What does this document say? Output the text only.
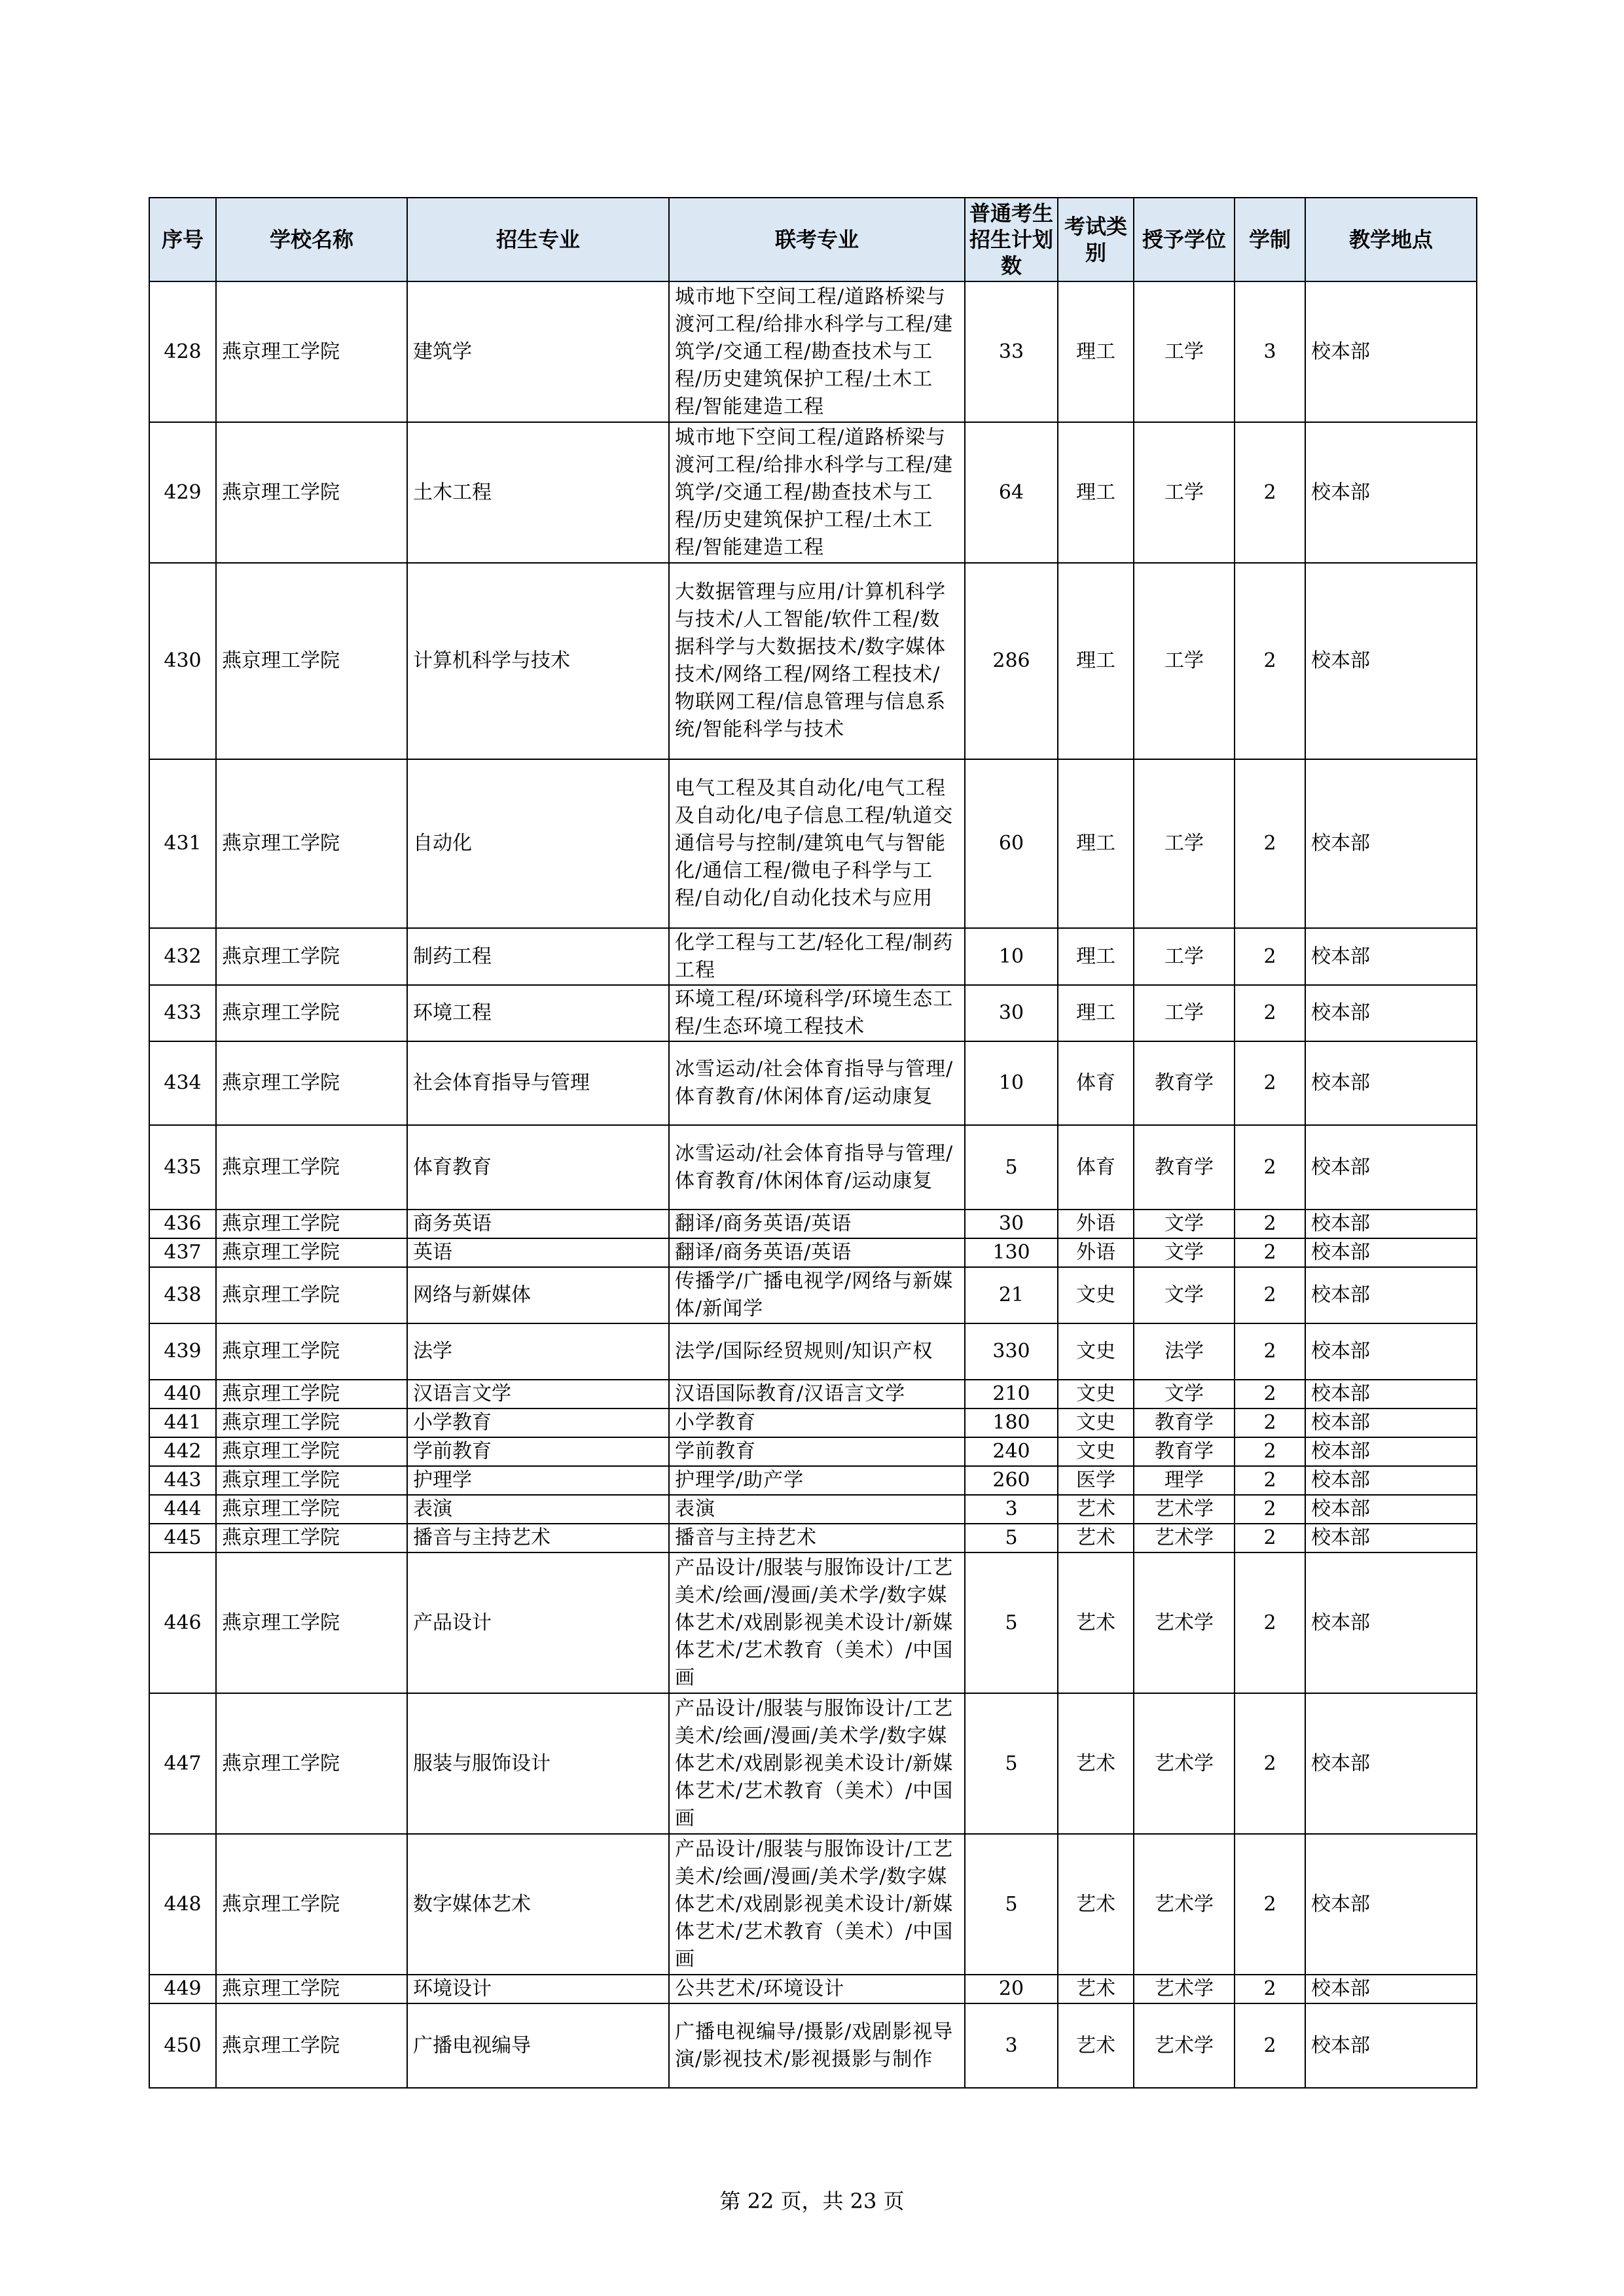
序号	学校名称	招生专业	联考专业	普通考生招生计划数	考试类别	授予学位	学制	教学地点
428	燕京理工学院	建筑学	城市地下空间工程/道路桥梁与渡河工程/给排水科学与工程/建筑学/交通工程/勘查技术与工程/历史建筑保护工程/土木工程/智能建造工程	33	理工	工学	3	校本部
429	燕京理工学院	土木工程	城市地下空间工程/道路桥梁与渡河工程/给排水科学与工程/建筑学/交通工程/勘查技术与工程/历史建筑保护工程/土木工程/智能建造工程	64	理工	工学	2	校本部
430	燕京理工学院	计算机科学与技术	大数据管理与应用/计算机科学与技术/人工智能/软件工程/数据科学与大数据技术/数字媒体技术/网络工程/网络工程技术/物联网工程/信息管理与信息系统/智能科学与技术	286	理工	工学	2	校本部
431	燕京理工学院	自动化	电气工程及其自动化/电气工程及自动化/电子信息工程/轨道交通信号与控制/建筑电气与智能化/通信工程/微电子科学与工程/自动化/自动化技术与应用	60	理工	工学	2	校本部
432	燕京理工学院	制药工程	化学工程与工艺/轻化工程/制药工程	10	理工	工学	2	校本部
433	燕京理工学院	环境工程	环境工程/环境科学/环境生态工程/生态环境工程技术	30	理工	工学	2	校本部
434	燕京理工学院	社会体育指导与管理	冰雪运动/社会体育指导与管理/体育教育/休闲体育/运动康复	10	体育	教育学	2	校本部
435	燕京理工学院	体育教育	冰雪运动/社会体育指导与管理/体育教育/休闲体育/运动康复	5	体育	教育学	2	校本部
436	燕京理工学院	商务英语	翻译/商务英语/英语	30	外语	文学	2	校本部
437	燕京理工学院	英语	翻译/商务英语/英语	130	外语	文学	2	校本部
438	燕京理工学院	网络与新媒体	传播学/广播电视学/网络与新媒体/新闻学	21	文史	文学	2	校本部
439	燕京理工学院	法学	法学/国际经贸规则/知识产权	330	文史	法学	2	校本部
440	燕京理工学院	汉语言文学	汉语国际教育/汉语言文学	210	文史	文学	2	校本部
441	燕京理工学院	小学教育	小学教育	180	文史	教育学	2	校本部
442	燕京理工学院	学前教育	学前教育	240	文史	教育学	2	校本部
443	燕京理工学院	护理学	护理学/助产学	260	医学	理学	2	校本部
444	燕京理工学院	表演	表演	3	艺术	艺术学	2	校本部
445	燕京理工学院	播音与主持艺术	播音与主持艺术	5	艺术	艺术学	2	校本部
446	燕京理工学院	产品设计	产品设计/服装与服饰设计/工艺美术/绘画/漫画/美术学/数字媒体艺术/戏剧影视美术设计/新媒体艺术/艺术教育（美术）/中国画	5	艺术	艺术学	2	校本部
447	燕京理工学院	服装与服饰设计	产品设计/服装与服饰设计/工艺美术/绘画/漫画/美术学/数字媒体艺术/戏剧影视美术设计/新媒体艺术/艺术教育（美术）/中国画	5	艺术	艺术学	2	校本部
448	燕京理工学院	数字媒体艺术	产品设计/服装与服饰设计/工艺美术/绘画/漫画/美术学/数字媒体艺术/戏剧影视美术设计/新媒体艺术/艺术教育（美术）/中国画	5	艺术	艺术学	2	校本部
449	燕京理工学院	环境设计	公共艺术/环境设计	20	艺术	艺术学	2	校本部
450	燕京理工学院	广播电视编导	广播电视编导/摄影/戏剧影视导演/影视技术/影视摄影与制作	3	艺术	艺术学	2	校本部
第 22 页，共 23 页
